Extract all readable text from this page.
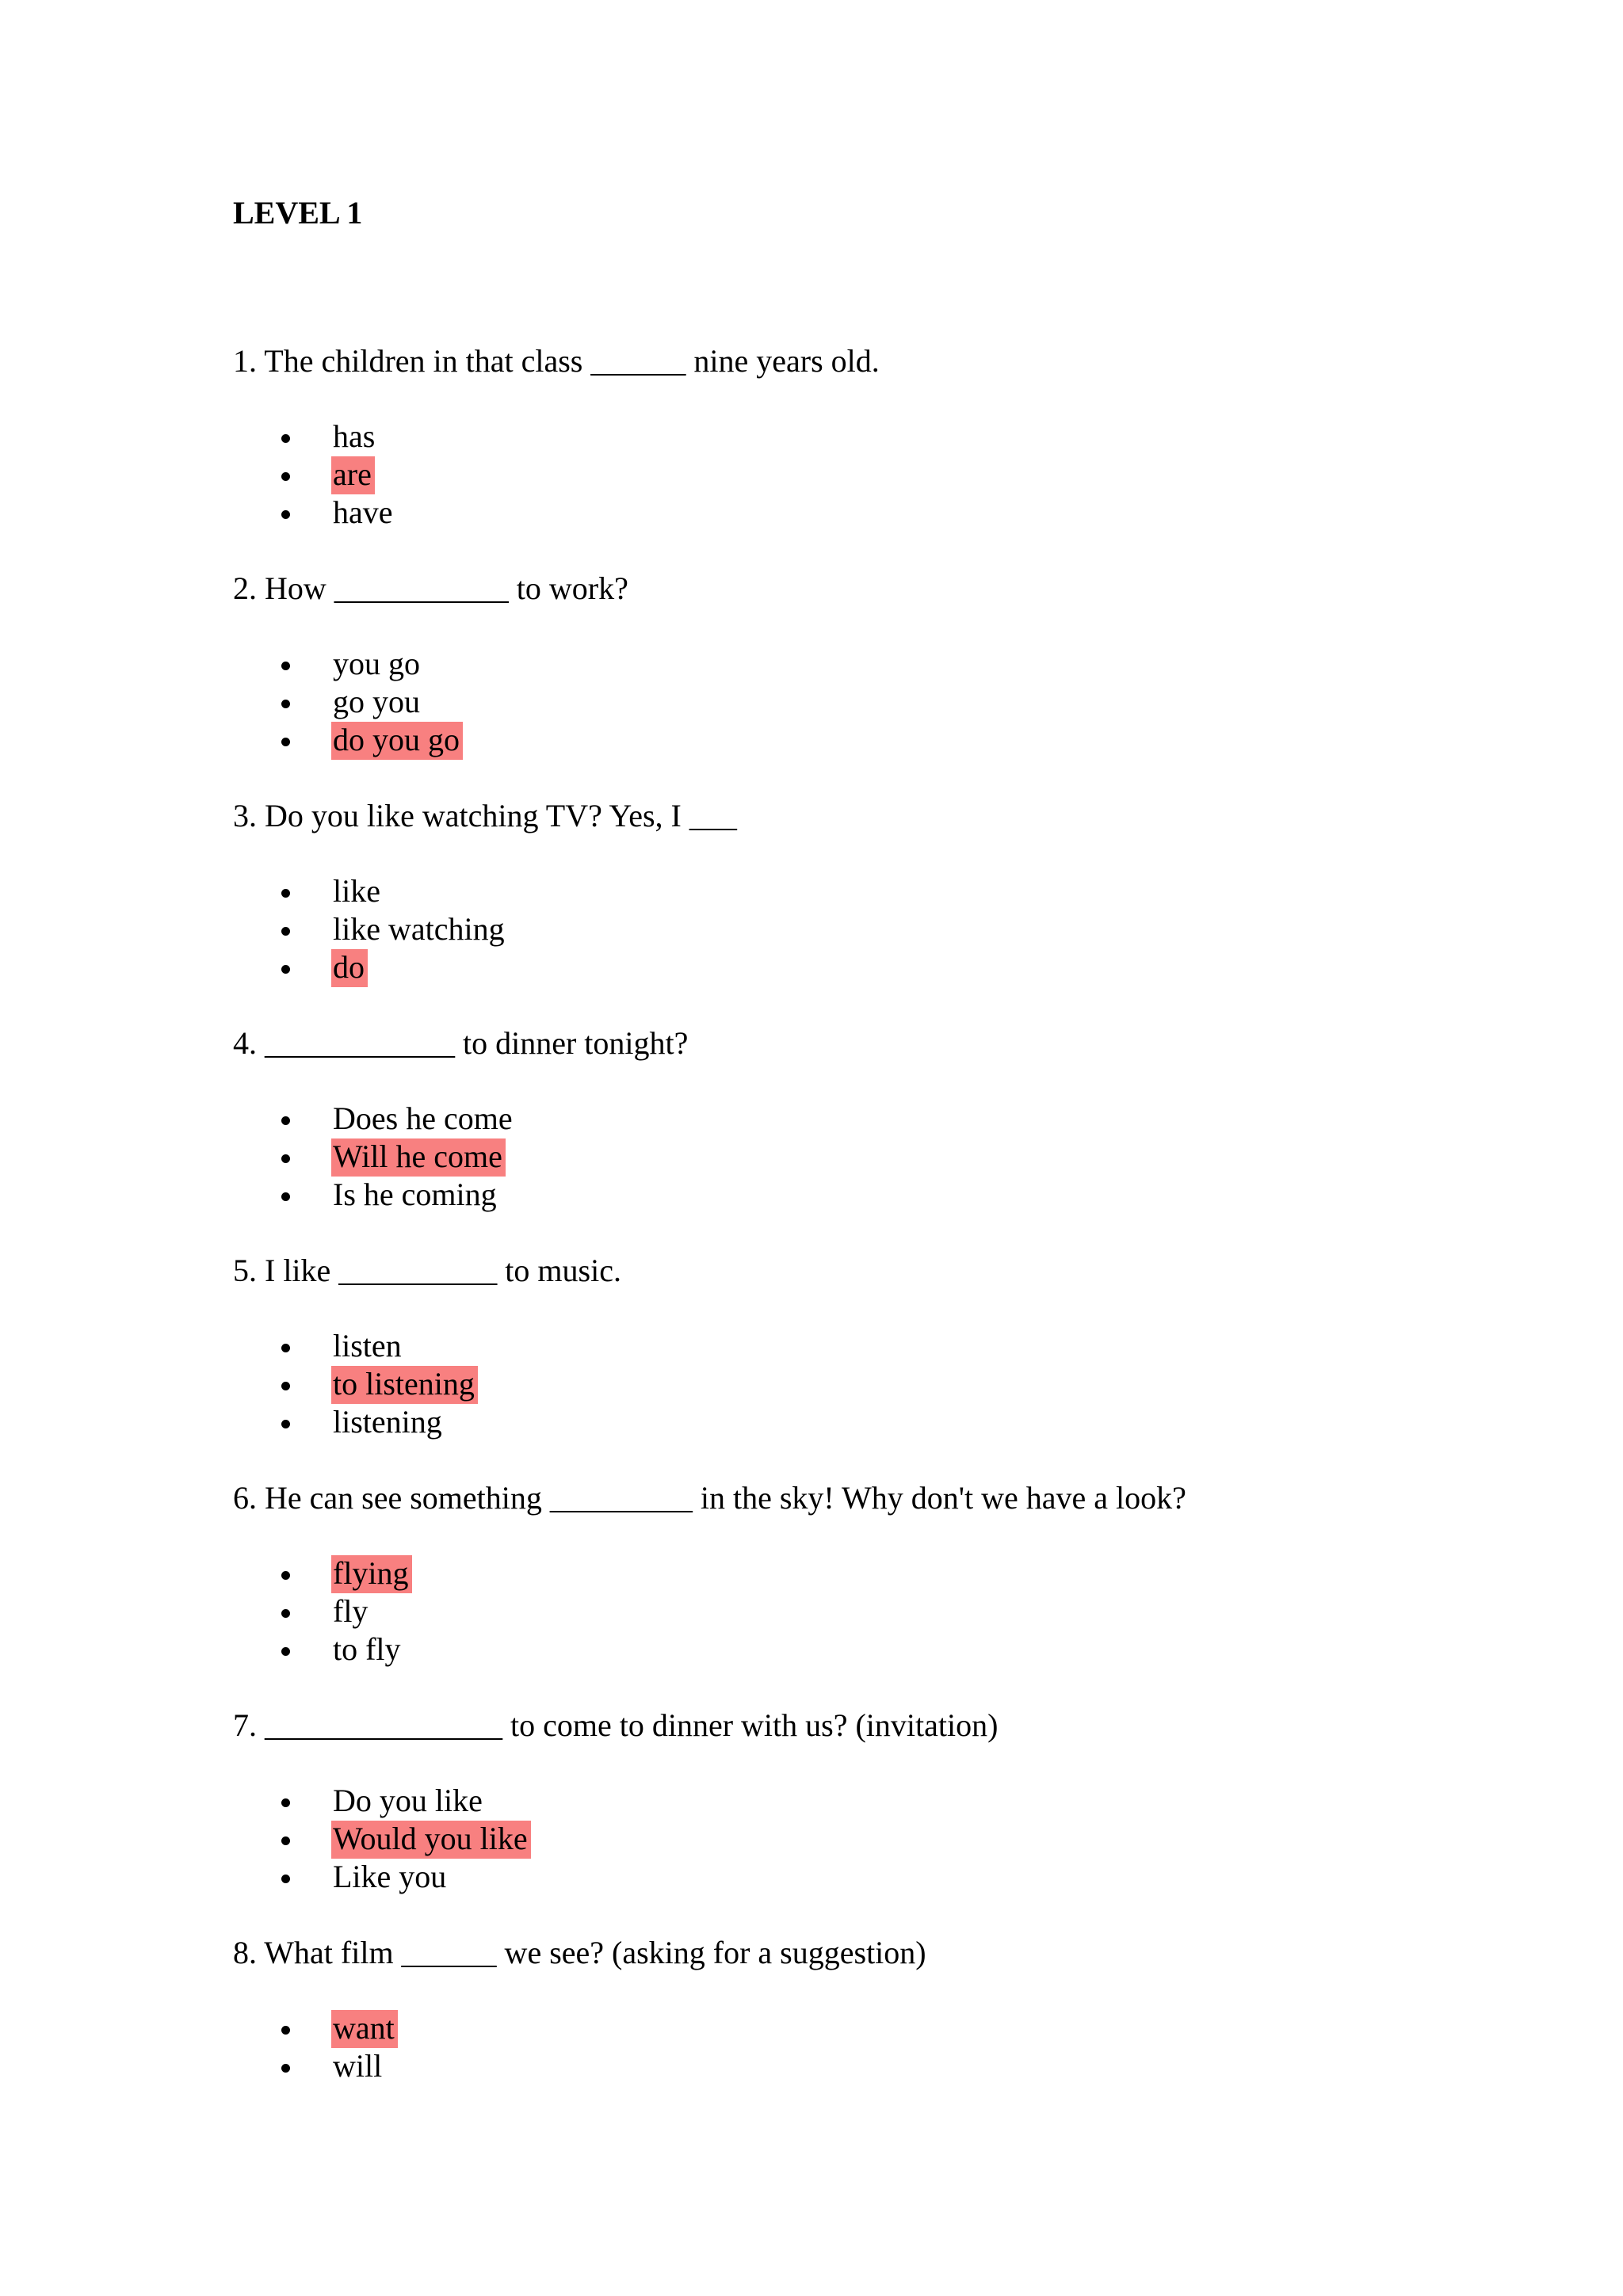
LEVEL 1

1. The children in that class ______ nine years old.

has
are
have

2. How ___________ to work?

you go
go you
do you go

3. Do you like watching TV? Yes, I ___

like
like watching
do

4. ____________ to dinner tonight?

Does he come
Will he come
Is he coming

5. I like __________ to music.

listen
to listening
listening

6. He can see something _________ in the sky! Why don't we have a look?

flying
fly
to fly

7. _______________ to come to dinner with us? (invitation)

Do you like
Would you like
Like you

8. What film ______ we see? (asking for a suggestion)

want
will
